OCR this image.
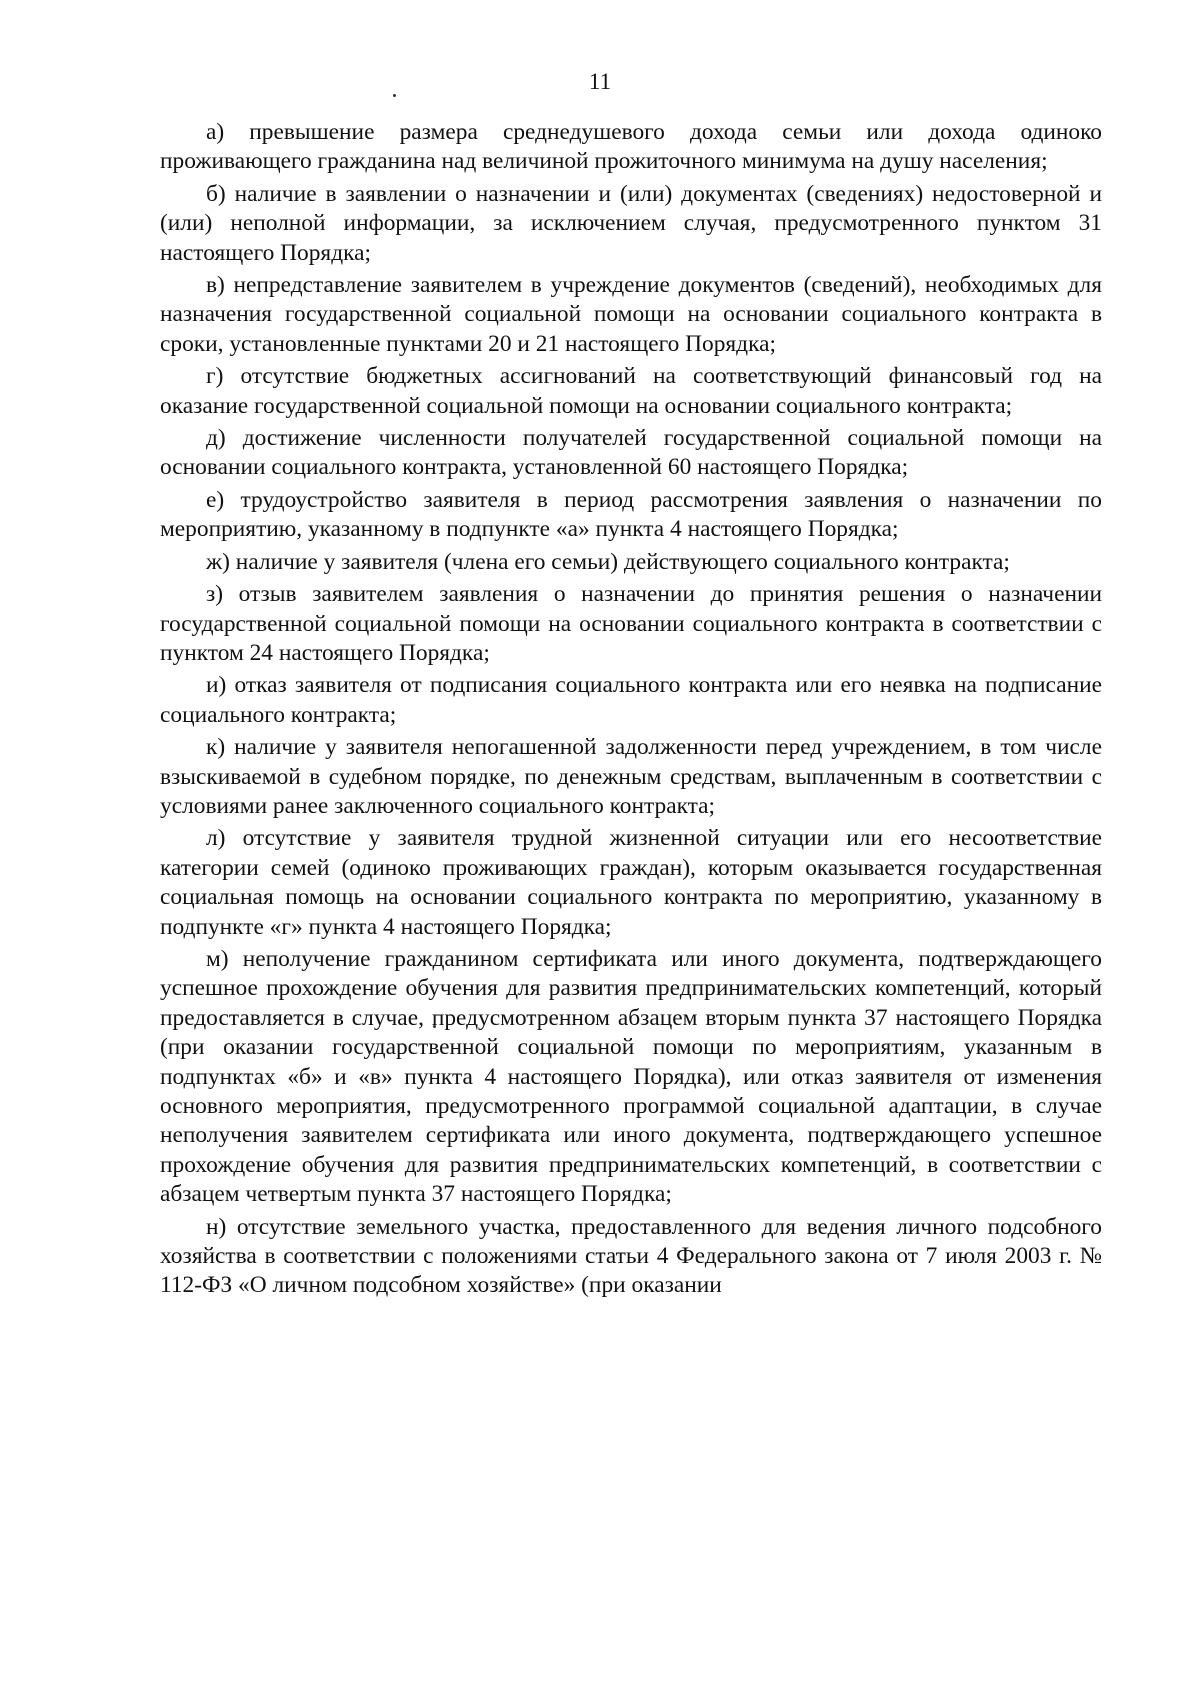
11

а) превышение размера среднедушевого дохода семьи или дохода одиноко проживающего гражданина над величиной прожиточного минимума на душу населения;

б) наличие в заявлении о назначении и (или) документах (сведениях) недостоверной и (или) неполной информации, за исключением случая, предусмотренного пунктом 31 настоящего Порядка;

в) непредставление заявителем в учреждение документов (сведений), необходимых для назначения государственной социальной помощи на основании социального контракта в сроки, установленные пунктами 20 и 21 настоящего Порядка;

г) отсутствие бюджетных ассигнований на соответствующий финансовый год на оказание государственной социальной помощи на основании социального контракта;

д) достижение численности получателей государственной социальной помощи на основании социального контракта, установленной 60 настоящего Порядка;

е) трудоустройство заявителя в период рассмотрения заявления о назначении по мероприятию, указанному в подпункте «а» пункта 4 настоящего Порядка;

ж) наличие у заявителя (члена его семьи) действующего социального контракта;

з) отзыв заявителем заявления о назначении до принятия решения о назначении государственной социальной помощи на основании социального контракта в соответствии с пунктом 24 настоящего Порядка;

и) отказ заявителя от подписания социального контракта или его неявка на подписание социального контракта;

к) наличие у заявителя непогашенной задолженности перед учреждением, в том числе взыскиваемой в судебном порядке, по денежным средствам, выплаченным в соответствии с условиями ранее заключенного социального контракта;

л) отсутствие у заявителя трудной жизненной ситуации или его несоответствие категории семей (одиноко проживающих граждан), которым оказывается государственная социальная помощь на основании социального контракта по мероприятию, указанному в подпункте «г» пункта 4 настоящего Порядка;

м) неполучение гражданином сертификата или иного документа, подтверждающего успешное прохождение обучения для развития предпринимательских компетенций, который предоставляется в случае, предусмотренном абзацем вторым пункта 37 настоящего Порядка (при оказании государственной социальной помощи по мероприятиям, указанным в подпунктах «б» и «в» пункта 4 настоящего Порядка), или отказ заявителя от изменения основного мероприятия, предусмотренного программой социальной адаптации, в случае неполучения заявителем сертификата или иного документа, подтверждающего успешное прохождение обучения для развития предпринимательских компетенций, в соответствии с абзацем четвертым пункта 37 настоящего Порядка;

н) отсутствие земельного участка, предоставленного для ведения личного подсобного хозяйства в соответствии с положениями статьи 4 Федерального закона от 7 июля 2003 г. № 112-ФЗ «О личном подсобном хозяйстве» (при оказании
